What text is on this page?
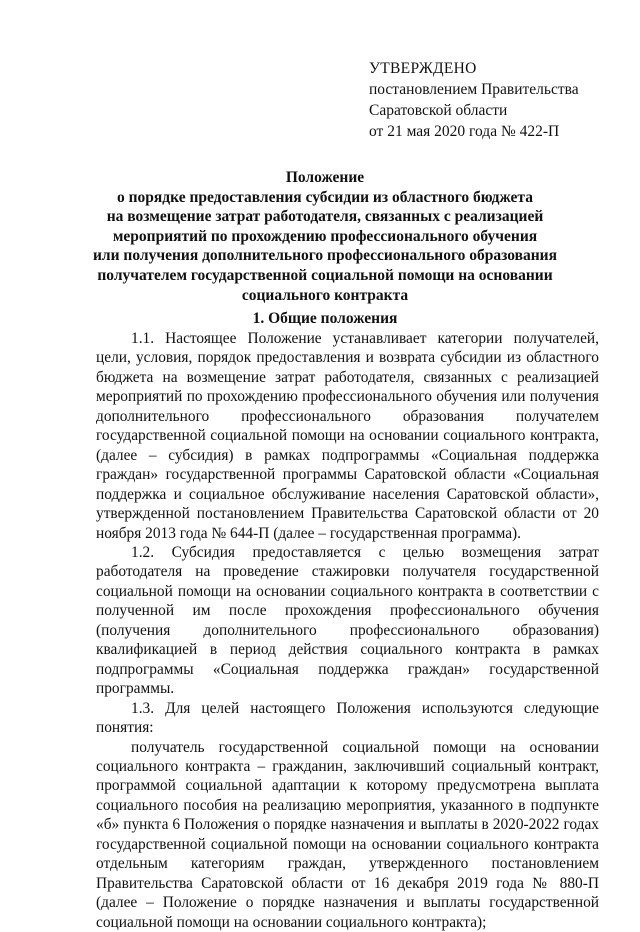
УТВЕРЖДЕНО
постановлением Правительства
Саратовской области
от 21 мая 2020 года № 422-П
Положение
о порядке предоставления субсидии из областного бюджета
на возмещение затрат работодателя, связанных с реализацией
мероприятий по прохождению профессионального обучения
или получения дополнительного профессионального образования
получателем государственной социальной помощи на основании
социального контракта
1. Общие положения

1.1. Настоящее Положение устанавливает категории получателей, цели, условия, порядок предоставления и возврата субсидии из областного бюджета на возмещение затрат работодателя, связанных с реализацией мероприятий по прохождению профессионального обучения или получения дополнительного профессионального образования получателем государственной социальной помощи на основании социального контракта, (далее – субсидия) в рамках подпрограммы «Социальная поддержка граждан» государственной программы Саратовской области «Социальная поддержка и социальное обслуживание населения Саратовской области», утвержденной постановлением Правительства Саратовской области от 20 ноября 2013 года № 644-П (далее – государственная программа).

1.2. Субсидия предоставляется с целью возмещения затрат работодателя на проведение стажировки получателя государственной социальной помощи на основании социального контракта в соответствии с полученной им после прохождения профессионального обучения (получения дополнительного профессионального образования) квалификацией в период действия социального контракта в рамках подпрограммы «Социальная поддержка граждан» государственной программы.

1.3. Для целей настоящего Положения используются следующие понятия:

получатель государственной социальной помощи на основании социального контракта – гражданин, заключивший социальный контракт, программой социальной адаптации к которому предусмотрена выплата социального пособия на реализацию мероприятия, указанного в подпункте «б» пункта 6 Положения о порядке назначения и выплаты в 2020-2022 годах государственной социальной помощи на основании социального контракта отдельным категориям граждан, утвержденного постановлением Правительства Саратовской области от 16 декабря 2019 года № 880-П (далее – Положение о порядке назначения и выплаты государственной социальной помощи на основании социального контракта);
